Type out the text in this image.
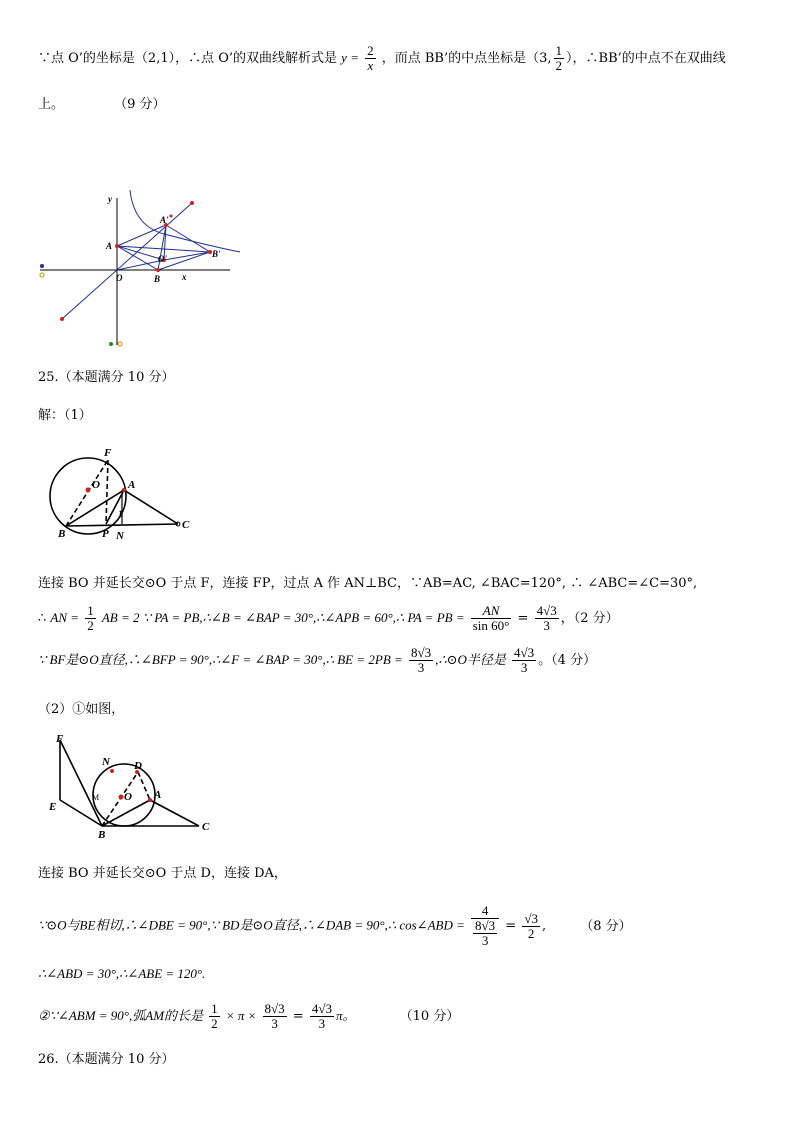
∵点 O’的坐标是（2,1），∴点 O’的双曲线解析式是 $y = \frac{2}{x}$ ，而点 BB’的中点坐标是（3, $\frac{1}{2}$ ），∴BB’的中点不在双曲线
上。	（9 分）
y
x
A'
A
O
O'
B
B'
25.（本题满分 10 分）
解：（1）
F
O	A
B	P N
1
C
连接 BO 并延长交⊙O 于点 F，连接 FP，过点 A 作 AN⊥BC，∵AB=AC, ∠BAC=120°, ∴ ∠ABC=∠C=30°,
∴ AN = $\frac{1}{2}$ AB = 2 ∵ PA = PB,∴∠B = ∠BAP = 30°,∴∠APB = 60°,∴ PA = PB = $\frac{AN}{\sin 60^\circ} = \frac{4√3}{3}$ ，（2 分）
∵ BF是⊙O直径,∴∠BFP = 90°,∴∠F = ∠BAP = 30°,∴ BE = $2PB = \frac{8√3}{3}$ ,∴⊙O半径是 $\frac{4√3}{3}$ 。（4 分）
（2）①如图，
F
N D
M O A
E
B
C
连接 BO 并延长交⊙O 于点 D，连接 DA，
∵⊙O与BE相切,∴∠DBE = 90°,∵ BD是⊙O直径,∴∠DAB = 90°,∴ cos∠ABD = $\frac{4}{\frac{8√3}{3}} = \frac{√3}{2}$ ,	（8 分）
∴∠ABD = 30°,∴∠ABE = 120°.
②∵∠ABM = 90°,弧AM的长是 $\frac{1}{2} \times \pi \times \frac{8√3}{3} = \frac{4√3}{3}$ π。	（10 分）
26.（本题满分 10 分）
